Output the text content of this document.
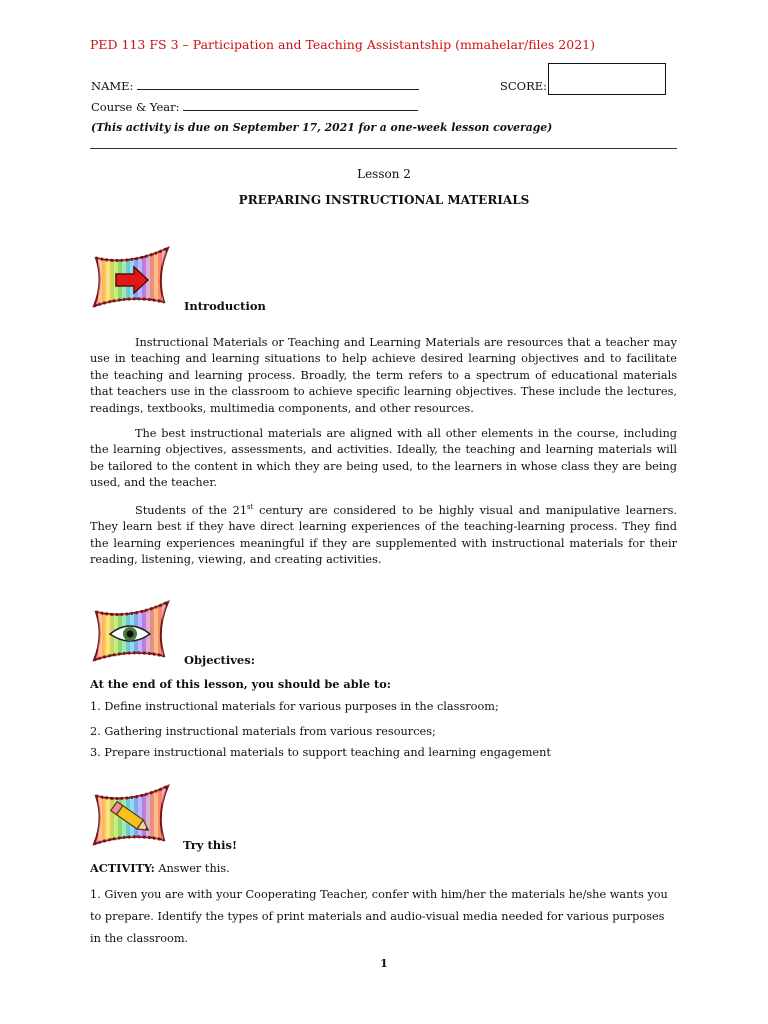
PED 113 FS 3 – Participation and Teaching Assistantship (mmahelar/files 2021)
NAME:
Course & Year:
SCORE:
(This activity is due on September 17, 2021 for a one-week lesson coverage)
Lesson 2
PREPARING INSTRUCTIONAL MATERIALS
Introduction
Instructional Materials or Teaching and Learning Materials are resources that a teacher may use in teaching and learning situations to help achieve desired learning objectives and to facilitate the teaching and learning process. Broadly, the term refers to a spectrum of educational materials that teachers use in the classroom to achieve specific learning objectives. These include the lectures, readings, textbooks, multimedia components, and other resources.
The best instructional materials are aligned with all other elements in the course, including the learning objectives, assessments, and activities. Ideally, the teaching and learning materials will be tailored to the content in which they are being used, to the learners in whose class they are being used, and the teacher.
Students of the 21st century are considered to be highly visual and manipulative learners. They learn best if they have direct learning experiences of the teaching-learning process. They find the learning experiences meaningful if they are supplemented with instructional materials for their reading, listening, viewing, and creating activities.
Objectives:
At the end of this lesson, you should be able to:
1. Define instructional materials for various purposes in the classroom;
2. Gathering instructional materials from various resources;
3. Prepare instructional materials to support teaching and learning engagement
Try this!
ACTIVITY: Answer this.
1. Given you are with your Cooperating Teacher, confer with him/her the materials he/she wants you to prepare. Identify the types of print materials and audio-visual media needed for various purposes in the classroom.
1
